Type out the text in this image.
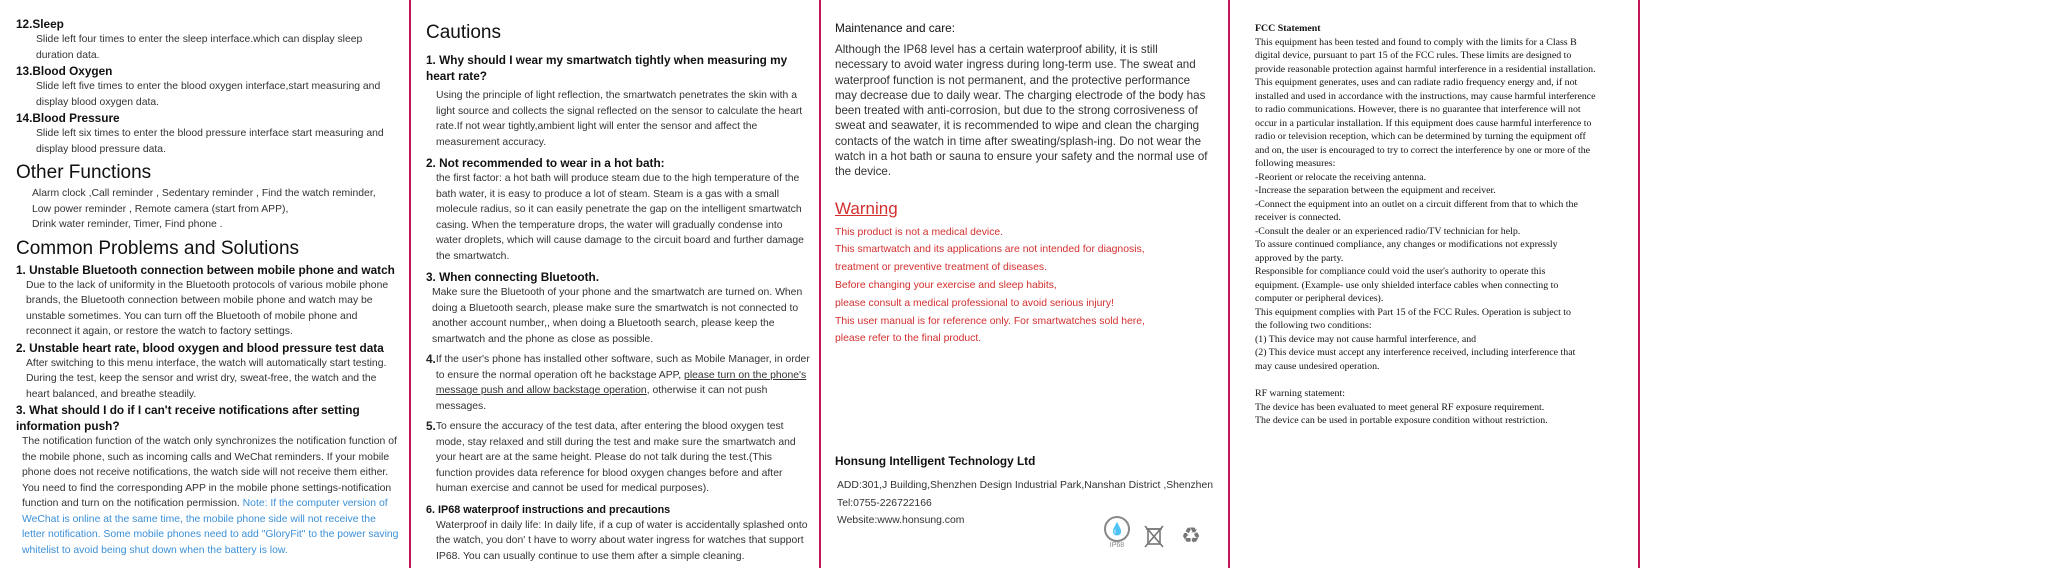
12.Sleep
Slide left four times to enter the sleep interface.which can display sleep duration data.
13.Blood Oxygen
Slide left five times to enter the blood oxygen interface,start measuring and display blood oxygen data.
14.Blood Pressure
Slide left six times to enter the blood pressure interface start measuring and display blood pressure data.
Other Functions
Alarm clock ,Call reminder , Sedentary reminder , Find the watch reminder,
Low power reminder , Remote camera (start from APP),
Drink water reminder, Timer, Find phone .
Common Problems and Solutions
1. Unstable Bluetooth connection between mobile phone and watch
Due to the lack of uniformity in the Bluetooth protocols of various mobile phone brands, the Bluetooth connection between mobile phone and watch may be unstable sometimes. You can turn off the Bluetooth of mobile phone and reconnect it again, or restore the watch to factory settings.
2. Unstable heart rate, blood oxygen and blood pressure test data
After switching to this menu interface, the watch will automatically start testing. During the test, keep the sensor and wrist dry, sweat-free, the watch and the heart balanced, and breathe steadily.
3. What should I do if I can't receive notifications after setting information push?
The notification function of the watch only synchronizes the notification function of the mobile phone, such as incoming calls and WeChat reminders. If your mobile phone does not receive notifications, the watch side will not receive them either. You need to find the corresponding APP in the mobile phone settings-notification function and turn on the notification permission. Note: If the computer version of WeChat is online at the same time, the mobile phone side will not receive the letter notification. Some mobile phones need to add "GloryFit" to the power saving whitelist to avoid being shut down when the battery is low.
Cautions
1. Why should I wear my smartwatch tightly when measuring my heart rate?
Using the principle of light reflection, the smartwatch penetrates the skin with a light source and collects the signal reflected on the sensor to calculate the heart rate.If not wear tightly,ambient light will enter the sensor and affect the measurement accuracy.
2. Not recommended to wear in a hot bath:
the first factor: a hot bath will produce steam due to the high temperature of the bath water, it is easy to produce a lot of steam. Steam is a gas with a small molecule radius, so it can easily penetrate the gap on the intelligent smartwatch casing. When the temperature drops, the water will gradually condense into water droplets, which will cause damage to the circuit board and further damage the smartwatch.
3. When connecting Bluetooth.
Make sure the Bluetooth of your phone and the smartwatch are turned on. When doing a Bluetooth search, please make sure the smartwatch is not connected to another account number,, when doing a Bluetooth search, please keep the smartwatch and the phone as close as possible.
4. If the user's phone has installed other software, such as Mobile Manager, in order to ensure the normal operation oft he backstage APP, please turn on the phone's message push and allow backstage operation, otherwise it can not push messages.
5. To ensure the accuracy of the test data, after entering the blood oxygen test mode, stay relaxed and still during the test and make sure the smartwatch and your heart are at the same height. Please do not talk during the test.(This function provides data reference for blood oxygen changes before and after human exercise and cannot be used for medical purposes).
6. IP68 waterproof instructions and precautions
Waterproof in daily life: In daily life, if a cup of water is accidentally splashed onto the watch, you don' t have to worry about water ingress for watches that support IP68. You can usually continue to use them after a simple cleaning.
Maintenance and care:
Although the IP68 level has a certain waterproof ability, it is still necessary to avoid water ingress during long-term use. The sweat and waterproof function is not permanent, and the protective performance may decrease due to daily wear. The charging electrode of the body has been treated with anti-corrosion, but due to the strong corrosiveness of sweat and seawater, it is recommended to wipe and clean the charging contacts of the watch in time after sweating/splash-ing. Do not wear the watch in a hot bath or sauna to ensure your safety and the normal use of the device.
Warning
This product is not a medical device.
This smartwatch and its applications are not intended for diagnosis,
treatment or preventive treatment of diseases.
Before changing your exercise and sleep habits,
please consult a medical professional to avoid serious injury!
This user manual is for reference only. For smartwatches sold here,
please refer to the final product.
Honsung Intelligent Technology Ltd
ADD:301,J Building,Shenzhen Design Industrial Park,Nanshan District ,Shenzhen
Tel:0755-226722166
Website:www.honsung.com
💧
IP68	♻
FCC Statement
This equipment has been tested and found to comply with the limits for a Class B
digital device, pursuant to part 15 of the FCC rules. These limits are designed to
provide reasonable protection against harmful interference in a residential installation.
This equipment generates, uses and can radiate radio frequency energy and, if not
installed and used in accordance with the instructions, may cause harmful interference
to radio communications. However, there is no guarantee that interference will not
occur in a particular installation. If this equipment does cause harmful interference to
radio or television reception, which can be determined by turning the equipment off
and on, the user is encouraged to try to correct the interference by one or more of the
following measures:
-Reorient or relocate the receiving antenna.
-Increase the separation between the equipment and receiver.
-Connect the equipment into an outlet on a circuit different from that to which the
receiver is connected.
-Consult the dealer or an experienced radio/TV technician for help.
To assure continued compliance, any changes or modifications not expressly
approved by the party.
Responsible for compliance could void the user's authority to operate this
equipment. (Example- use only shielded interface cables when connecting to
computer or peripheral devices).
This equipment complies with Part 15 of the FCC Rules. Operation is subject to
the following two conditions:
(1) This device may not cause harmful interference, and
(2) This device must accept any interference received, including interference that
may cause undesired operation.
RF warning statement:
The device has been evaluated to meet general RF exposure requirement.
The device can be used in portable exposure condition without restriction.
